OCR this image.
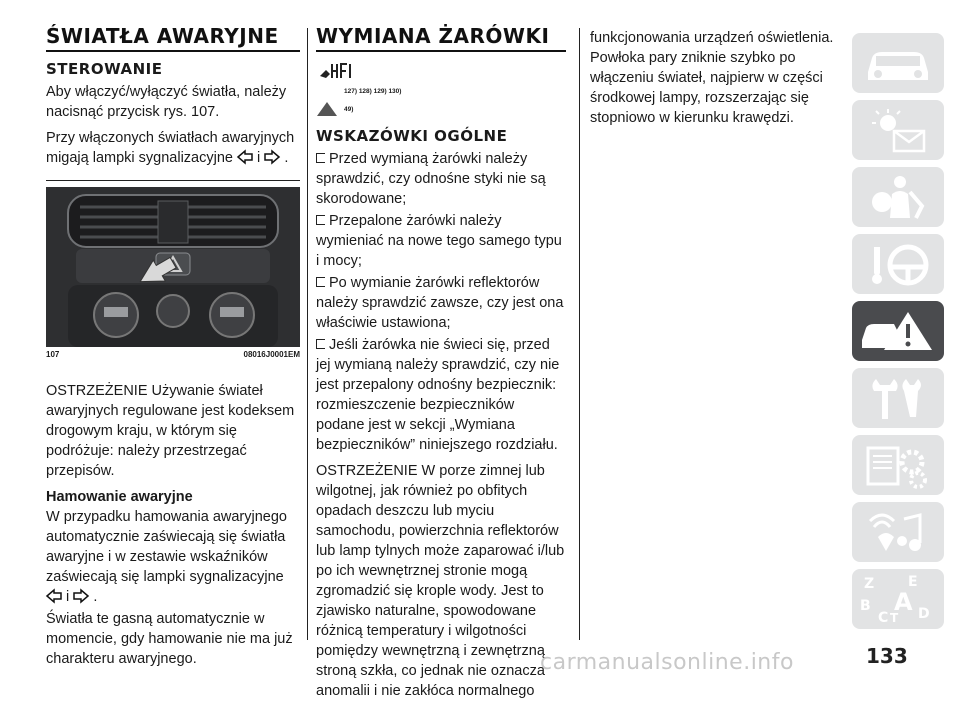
ŚWIATŁA AWARYJNE
STEROWANIE

Aby włączyć/wyłączyć światła, należy nacisnąć przycisk rys. 107.

Przy włączonych światłach awaryjnych migają lampki sygnalizacyjne i .

107	08016J0001EM

OSTRZEŻENIE Używanie świateł awaryjnych regulowane jest kodeksem drogowym kraju, w którym się podróżuje: należy przestrzegać przepisów.

Hamowanie awaryjne

W przypadku hamowania awaryjnego automatycznie zaświecają się światła awaryjne i w zestawie wskaźników zaświecają się lampki sygnalizacyjne
i .

Światła te gasną automatycznie w momencie, gdy hamowanie nie ma już charakteru awaryjnego.

WYMIANA ŻARÓWKI
127) 128) 129) 130)
49)
WSKAZÓWKI OGÓLNE
Przed wymianą żarówki należy sprawdzić, czy odnośne styki nie są skorodowane;
Przepalone żarówki należy wymieniać na nowe tego samego typu i mocy;
Po wymianie żarówki reflektorów należy sprawdzić zawsze, czy jest ona właściwie ustawiona;
Jeśli żarówka nie świeci się, przed jej wymianą należy sprawdzić, czy nie jest przepalony odnośny bezpiecznik: rozmieszczenie bezpieczników podane jest w sekcji „Wymiana bezpieczników” niniejszego rozdziału.

OSTRZEŻENIE W porze zimnej lub wilgotnej, jak również po obfitych opadach deszczu lub myciu samochodu, powierzchnia reflektorów lub lamp tylnych może zaparować i/lub po ich wewnętrznej stronie mogą zgromadzić się krople wody. Jest to zjawisko naturalne, spowodowane różnicą temperatury i wilgotności pomiędzy wewnętrzną i zewnętrzną stroną szkła, co jednak nie oznacza anomalii i nie zakłóca normalnego

funkcjonowania urządzeń oświetlenia. Powłoka pary zniknie szybko po włączeniu świateł, najpierw w części środkowej lampy, rozszerzając się stopniowo w kierunku krawędzi.

Z E
B A
C T D
carmanualsonline.info	133
